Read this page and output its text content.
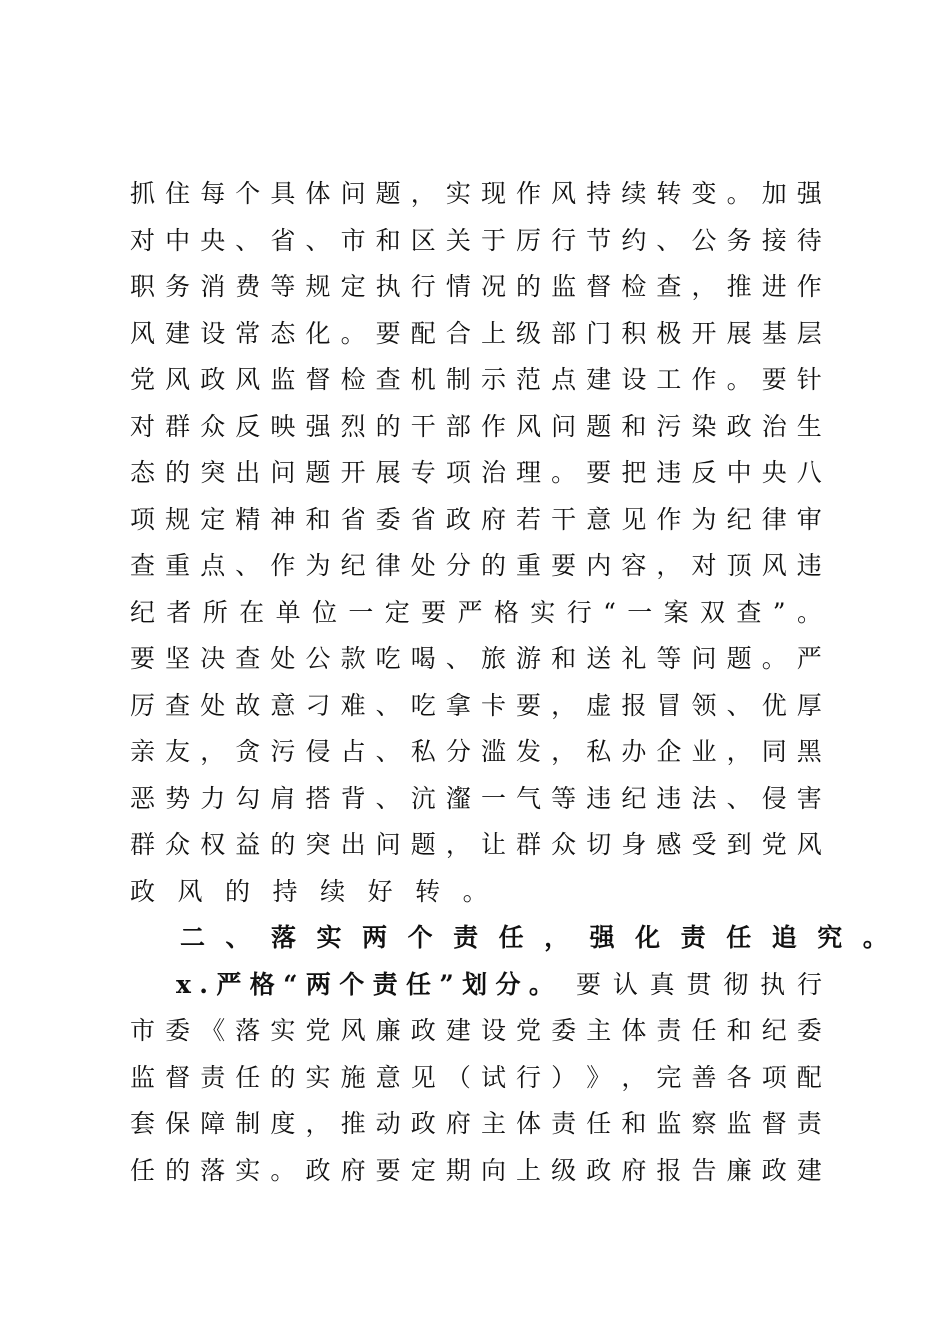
抓 住 每 个 具 体 问 题 ， 实 现 作 风 持 续 转 变 。 加 强
对 中 央 、 省 、 市 和 区 关 于 厉 行 节 约 、 公 务 接 待
职 务 消 费 等 规 定 执 行 情 况 的 监 督 检 查 ， 推 进 作
风 建 设 常 态 化 。 要 配 合 上 级 部 门 积 极 开 展 基 层
党 风 政 风 监 督 检 查 机 制 示 范 点 建 设 工 作 。 要 针
对 群 众 反 映 强 烈 的 干 部 作 风 问 题 和 污 染 政 治 生
态 的 突 出 问 题 开 展 专 项 治 理 。 要 把 违 反 中 央 八
项 规 定 精 神 和 省 委 省 政 府 若 干 意 见 作 为 纪 律 审
查 重 点 、 作 为 纪 律 处 分 的 重 要 内 容 ， 对 顶 风 违
纪 者 所 在 单 位 一 定 要 严 格 实 行 “ 一 案 双 查 ” 。
要 坚 决 查 处 公 款 吃 喝 、 旅 游 和 送 礼 等 问 题 。 严
厉 查 处 故 意 刁 难 、 吃 拿 卡 要 ， 虚 报 冒 领 、 优 厚
亲 友 ， 贪 污 侵 占 、 私 分 滥 发 ， 私 办 企 业 ， 同 黑
恶 势 力 勾 肩 搭 背 、 沆 瀣 一 气 等 违 纪 违 法 、 侵 害
群 众 权 益 的 突 出 问 题 ， 让 群 众 切 身 感 受 到 党 风
政 风 的 持 续 好 转 。
二 、 落 实 两 个 责 任 ， 强 化 责 任 追 究 。
x . 严 格 “ 两 个 责 任 ” 划 分 。 要 认 真 贯 彻 执 行
市 委 《 落 实 党 风 廉 政 建 设 党 委 主 体 责 任 和 纪 委
监 督 责 任 的 实 施 意 见 （ 试 行 ） 》 ， 完 善 各 项 配
套 保 障 制 度 ， 推 动 政 府 主 体 责 任 和 监 察 监 督 责
任 的 落 实 。 政 府 要 定 期 向 上 级 政 府 报 告 廉 政 建
